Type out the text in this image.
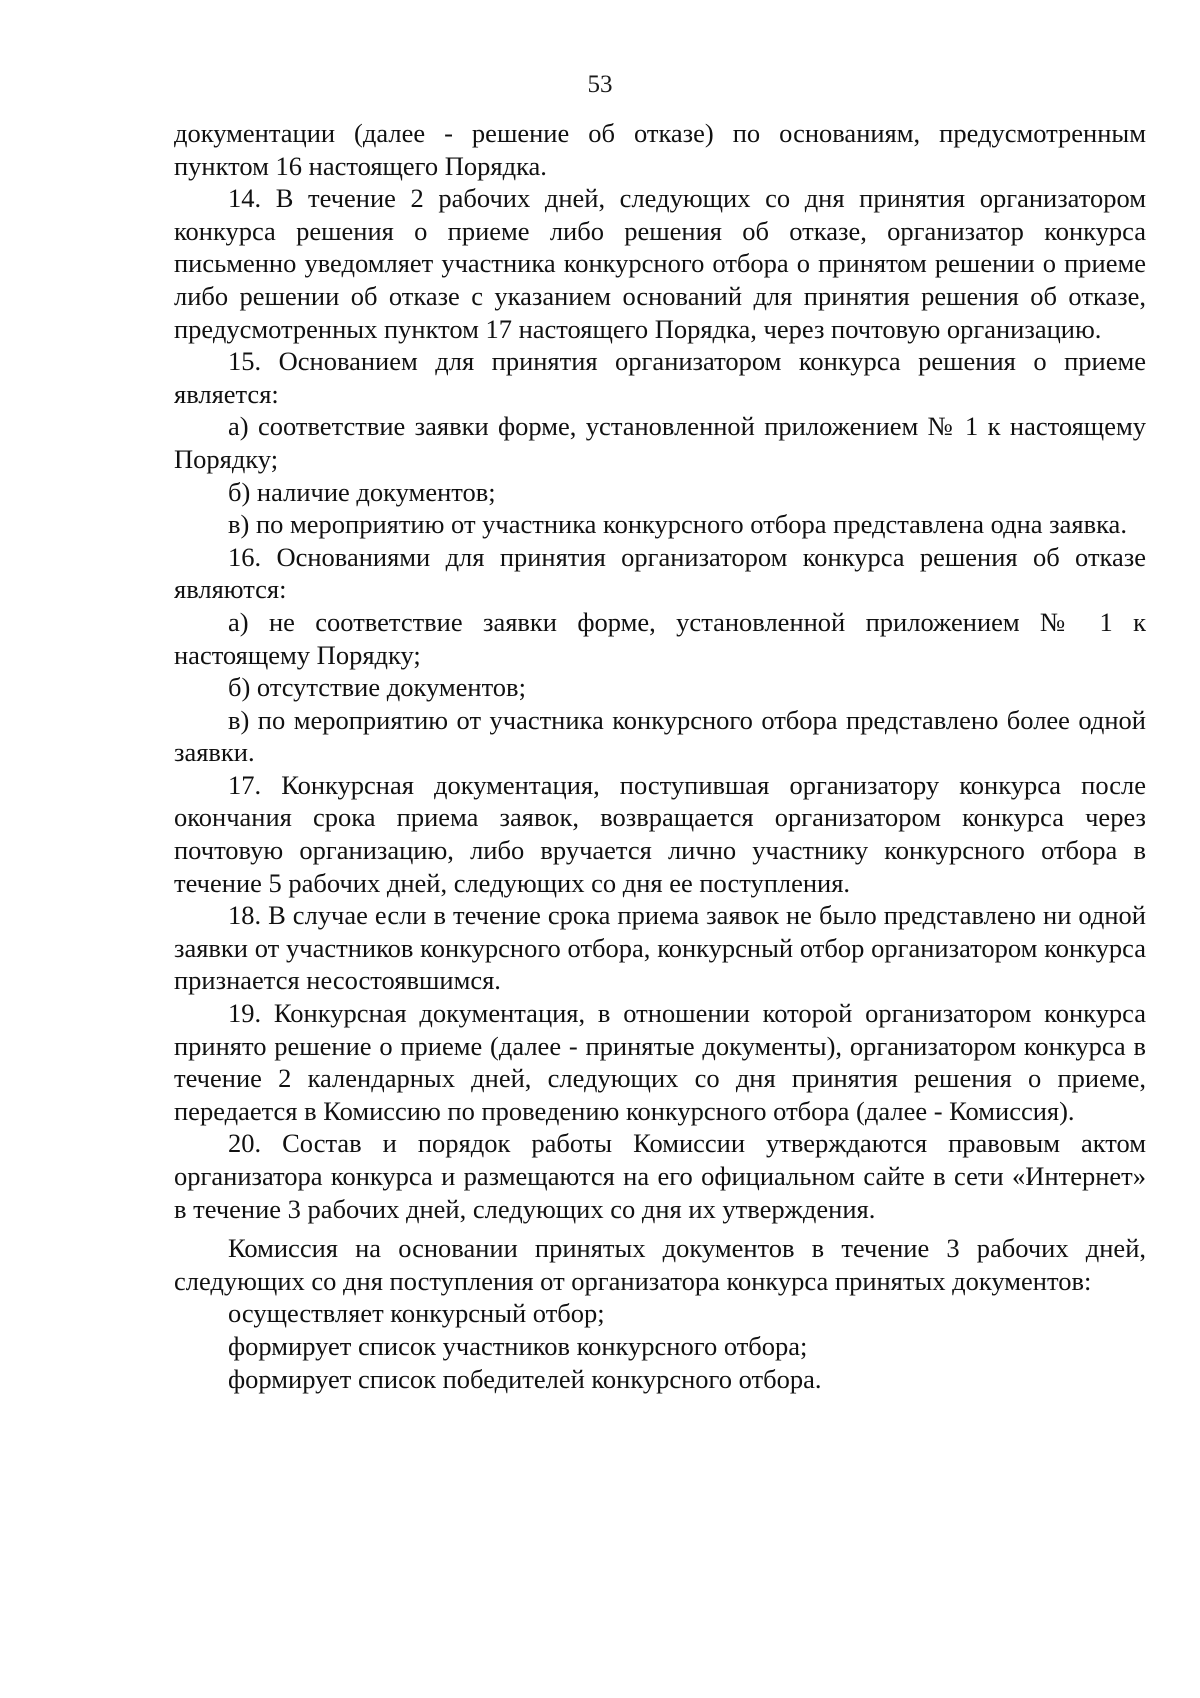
53

документации (далее - решение об отказе) по основаниям, предусмотренным пунктом 16 настоящего Порядка.

14. В течение 2 рабочих дней, следующих со дня принятия организатором конкурса решения о приеме либо решения об отказе, организатор конкурса письменно уведомляет участника конкурсного отбора о принятом решении о приеме либо решении об отказе с указанием оснований для принятия решения об отказе, предусмотренных пунктом 17 настоящего Порядка, через почтовую организацию.

15. Основанием для принятия организатором конкурса решения о приеме является:

а) соответствие заявки форме, установленной приложением № 1 к настоящему Порядку;

б) наличие документов;

в) по мероприятию от участника конкурсного отбора представлена одна заявка.

16. Основаниями для принятия организатором конкурса решения об отказе являются:

а) не соответствие заявки форме, установленной приложением № 1 к настоящему Порядку;

б) отсутствие документов;

в) по мероприятию от участника конкурсного отбора представлено более одной заявки.

17. Конкурсная документация, поступившая организатору конкурса после окончания срока приема заявок, возвращается организатором конкурса через почтовую организацию, либо вручается лично участнику конкурсного отбора в течение 5 рабочих дней, следующих со дня ее поступления.

18. В случае если в течение срока приема заявок не было представлено ни одной заявки от участников конкурсного отбора, конкурсный отбор организатором конкурса признается несостоявшимся.

19. Конкурсная документация, в отношении которой организатором конкурса принято решение о приеме (далее - принятые документы), организатором конкурса в течение 2 календарных дней, следующих со дня принятия решения о приеме, передается в Комиссию по проведению конкурсного отбора (далее - Комиссия).

20. Состав и порядок работы Комиссии утверждаются правовым актом организатора конкурса и размещаются на его официальном сайте в сети «Интернет» в течение 3 рабочих дней, следующих со дня их утверждения.

Комиссия на основании принятых документов в течение 3 рабочих дней, следующих со дня поступления от организатора конкурса принятых документов:

осуществляет конкурсный отбор;

формирует список участников конкурсного отбора;

формирует список победителей конкурсного отбора.
